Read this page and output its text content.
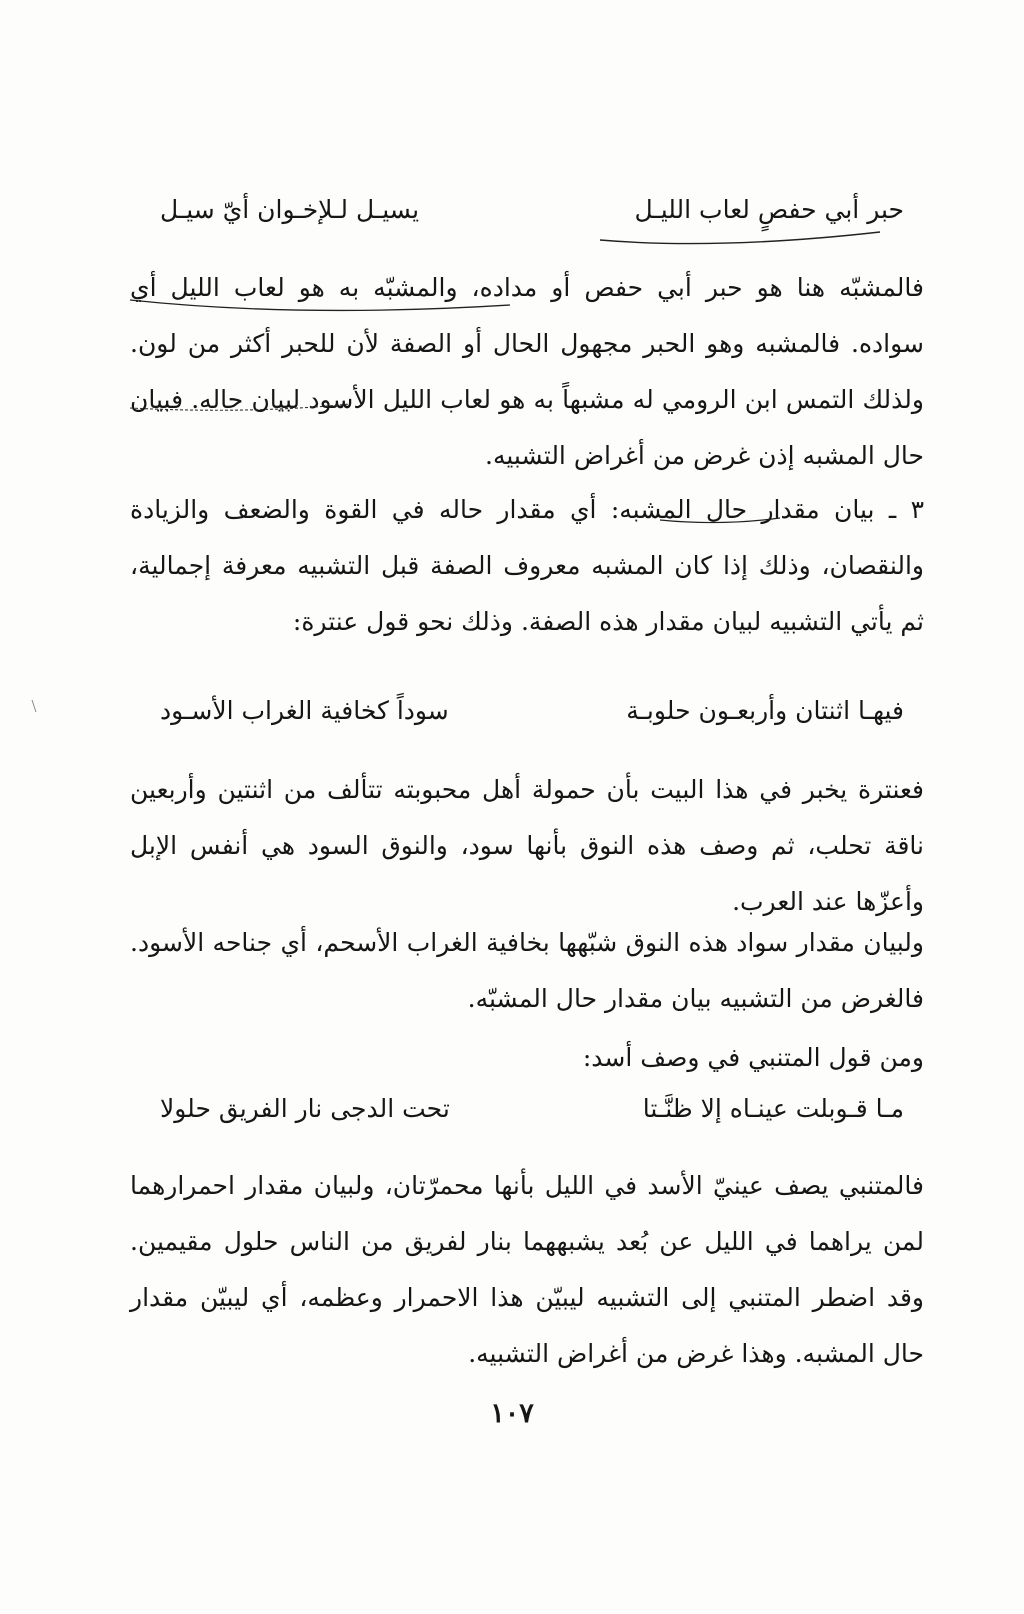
حبر أبي حفصٍ لعاب الليـل
يسيـل لـلإخـوان أيّ سيـل

فالمشبّه هنا هو حبر أبي حفص أو مداده، والمشبّه به هو لعاب الليل أي سواده. فالمشبه وهو الحبر مجهول الحال أو الصفة لأن للحبر أكثر من لون. ولذلك التمس ابن الرومي له مشبهاً به هو لعاب الليل الأسود لبيان حاله. فبيان حال المشبه إذن غرض من أغراض التشبيه.

٣ ـ بيان مقدار حال المشبه: أي مقدار حاله في القوة والضعف والزيادة والنقصان، وذلك إذا كان المشبه معروف الصفة قبل التشبيه معرفة إجمالية، ثم يأتي التشبيه لبيان مقدار هذه الصفة. وذلك نحو قول عنترة:

فيهـا اثنتان وأربعـون حلوبـة
سوداً كخافية الغراب الأسـود

فعنترة يخبر في هذا البيت بأن حمولة أهل محبوبته تتألف من اثنتين وأربعين ناقة تحلب، ثم وصف هذه النوق بأنها سود، والنوق السود هي أنفس الإبل وأعزّها عند العرب.

ولبيان مقدار سواد هذه النوق شبّهها بخافية الغراب الأسحم، أي جناحه الأسود. فالغرض من التشبيه بيان مقدار حال المشبّه.

ومن قول المتنبي في وصف أسد:

مـا قـوبلت عينـاه إلا ظنَّـتا
تحت الدجى نار الفريق حلولا

فالمتنبي يصف عينيّ الأسد في الليل بأنها محمرّتان، ولبيان مقدار احمرارهما لمن يراهما في الليل عن بُعد يشبههما بنار لفريق من الناس حلول مقيمين. وقد اضطر المتنبي إلى التشبيه ليبيّن هذا الاحمرار وعظمه، أي ليبيّن مقدار حال المشبه. وهذا غرض من أغراض التشبيه.

١٠٧
